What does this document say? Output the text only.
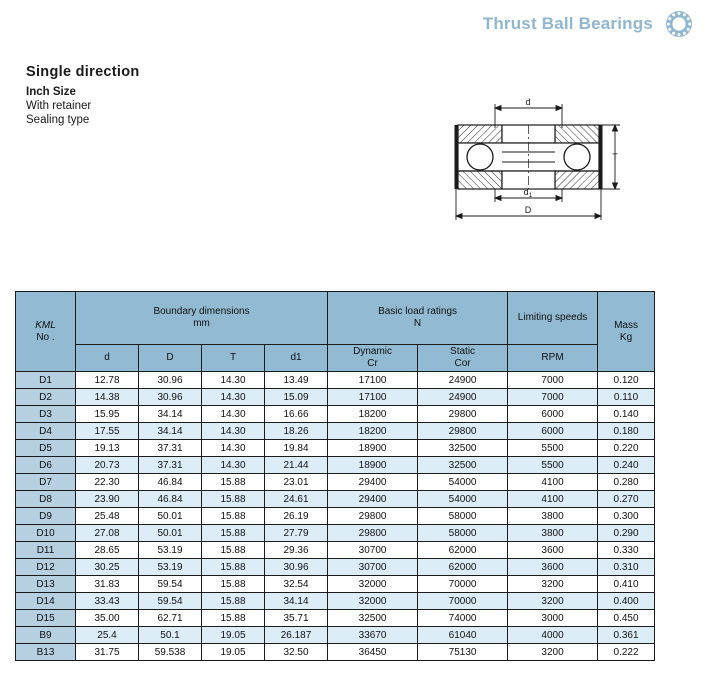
Thrust Ball Bearings
Single direction
Inch Size
With retainer
Sealing type
d
T
$d_1$
D
KML
No .

Boundary dimensions
mm

Basic load ratings
N
	Limiting speeds	
Mass
Kg

d	D	T	d1	
Dynamic
Cr

Static
Cor
	RPM
D1	12.78	30.96	14.30	13.49	17100	24900	7000	0.120
D2	14.38	30.96	14.30	15.09	17100	24900	7000	0.110
D3	15.95	34.14	14.30	16.66	18200	29800	6000	0.140
D4	17.55	34.14	14.30	18.26	18200	29800	6000	0.180
D5	19.13	37.31	14.30	19.84	18900	32500	5500	0.220
D6	20.73	37.31	14.30	21.44	18900	32500	5500	0.240
D7	22.30	46.84	15.88	23.01	29400	54000	4100	0.280
D8	23.90	46.84	15.88	24.61	29400	54000	4100	0.270
D9	25.48	50.01	15.88	26.19	29800	58000	3800	0.300
D10	27.08	50.01	15.88	27.79	29800	58000	3800	0.290
D11	28.65	53.19	15.88	29.36	30700	62000	3600	0.330
D12	30.25	53.19	15.88	30.96	30700	62000	3600	0.310
D13	31.83	59.54	15.88	32.54	32000	70000	3200	0.410
D14	33.43	59.54	15.88	34.14	32000	70000	3200	0.400
D15	35.00	62.71	15.88	35.71	32500	74000	3000	0.450
B9	25.4	50.1	19.05	26.187	33670	61040	4000	0.361
B13	31.75	59.538	19.05	32.50	36450	75130	3200	0.222
